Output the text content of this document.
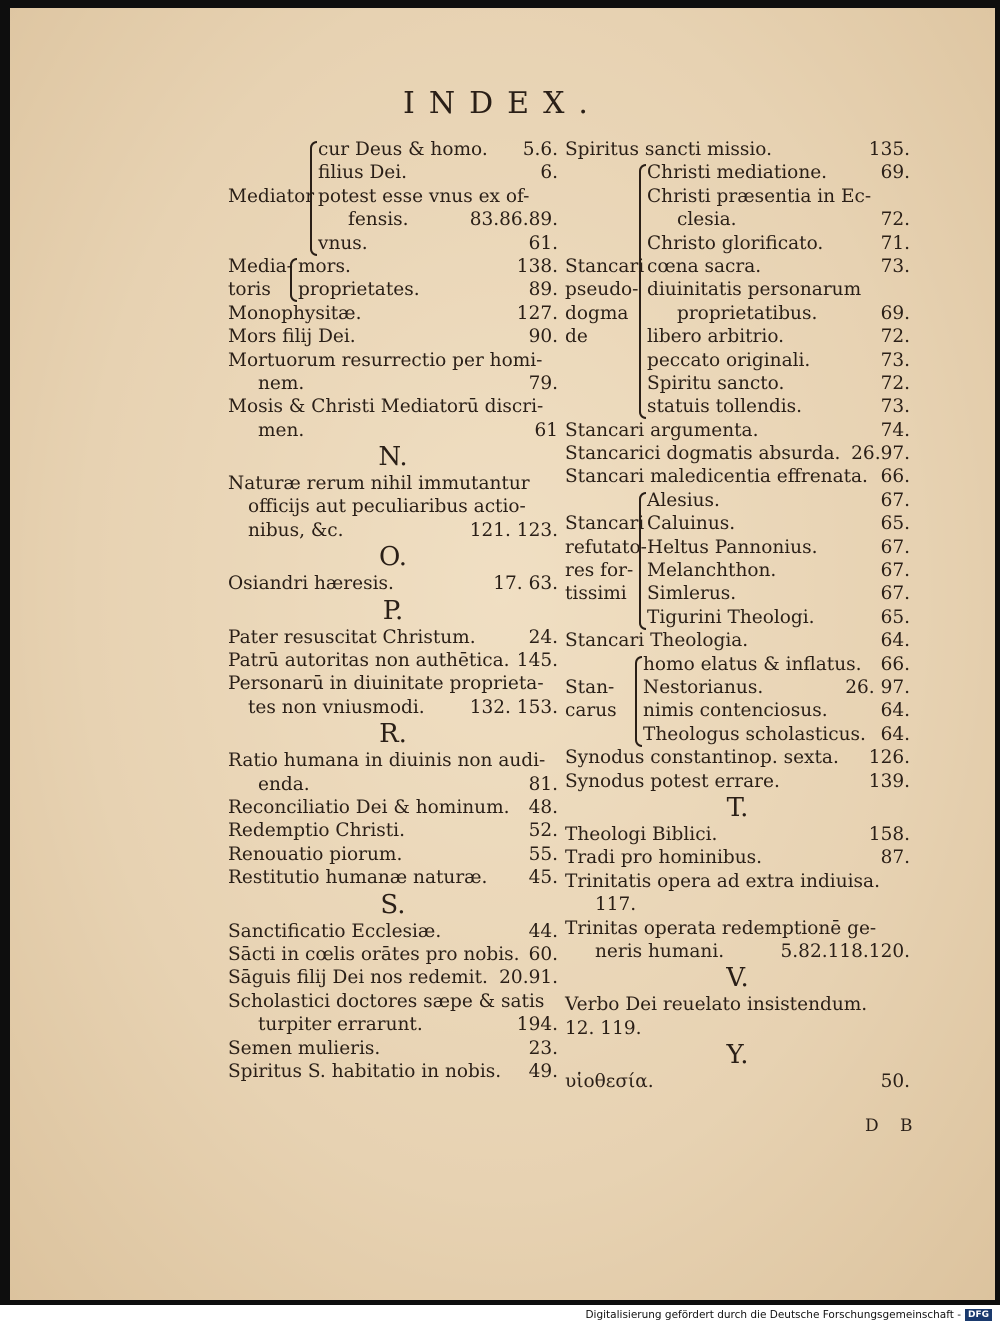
INDEX.
cur Deus & homo. 5.6.
filius Dei.	6.
Mediator potest esse vnus ex of-
fensis.	83.86.89.
vnus.	61.
Media- mors.	138.
toris proprietates.	89.
Monophysitæ.	127.
Mors filij Dei.	90.
Mortuorum resurrectio per homi-
nem.	79.
Mosis & Christi Mediatorū discri-
men.	61
N.
Naturæ rerum nihil immutantur
officijs aut peculiaribus actio-
nibus, &c.	121. 123.
O.
Osiandri hæresis.	17. 63.
P.
Pater resuscitat Christum.	24.
Patrū autoritas non authētica. 145.
Personarū in diuinitate proprieta-
tes non vniusmodi. 132. 153.
R.
Ratio humana in diuinis non audi-
enda.	81.
Reconciliatio Dei & hominum. 48.
Redemptio Christi.	52.
Renouatio piorum.	55.
Restitutio humanæ naturæ. 45.
S.
Sanctificatio Ecclesiæ.	44.
Sācti in cœlis orātes pro nobis. 60.
Sāguis filij Dei nos redemit. 20.91.
Scholastici doctores sæpe & satis
turpiter errarunt.	194.
Semen mulieris.	23.
Spiritus S. habitatio in nobis. 49.
Spiritus sancti missio.	135.
Christi mediatione.	69.
Christi præsentia in Ec-
clesia.	72.
Christo glorificato.	71.
Stancari cœna sacra.	73.
pseudo- diuinitatis personarum
dogma	proprietatibus.	69.
de	libero arbitrio.	72.
peccato originali.	73.
Spiritu sancto.	72.
statuis tollendis.	73.
Stancari argumenta.	74.
Stancarici dogmatis absurda. 26.97.
Stancari maledicentia effrenata. 66.
Alesius.	67.
Stancari Caluinus.	65.
refutato- Heltus Pannonius.	67.
res for- Melanchthon.	67.
tissimi Simlerus.	67.
Tigurini Theologi.	65.
Stancari Theologia.	64.
homo elatus & inflatus. 66.
Stan- Nestorianus.	26. 97.
carus nimis contenciosus.	64.
Theologus scholasticus. 64.
Synodus constantinop. sexta. 126.
Synodus potest errare.	139.
T.
Theologi Biblici.	158.
Tradi pro hominibus.	87.
Trinitatis opera ad extra indiuisa.
117.
Trinitas operata redemptionē ge-
neris humani.	5.82.118.120.
V.
Verbo Dei reuelato insistendum.
12. 119.
Y.
υἱοθεσία.	50.
D B
Digitalisierung gefördert durch die Deutsche Forschungsgemeinschaft - DFG
